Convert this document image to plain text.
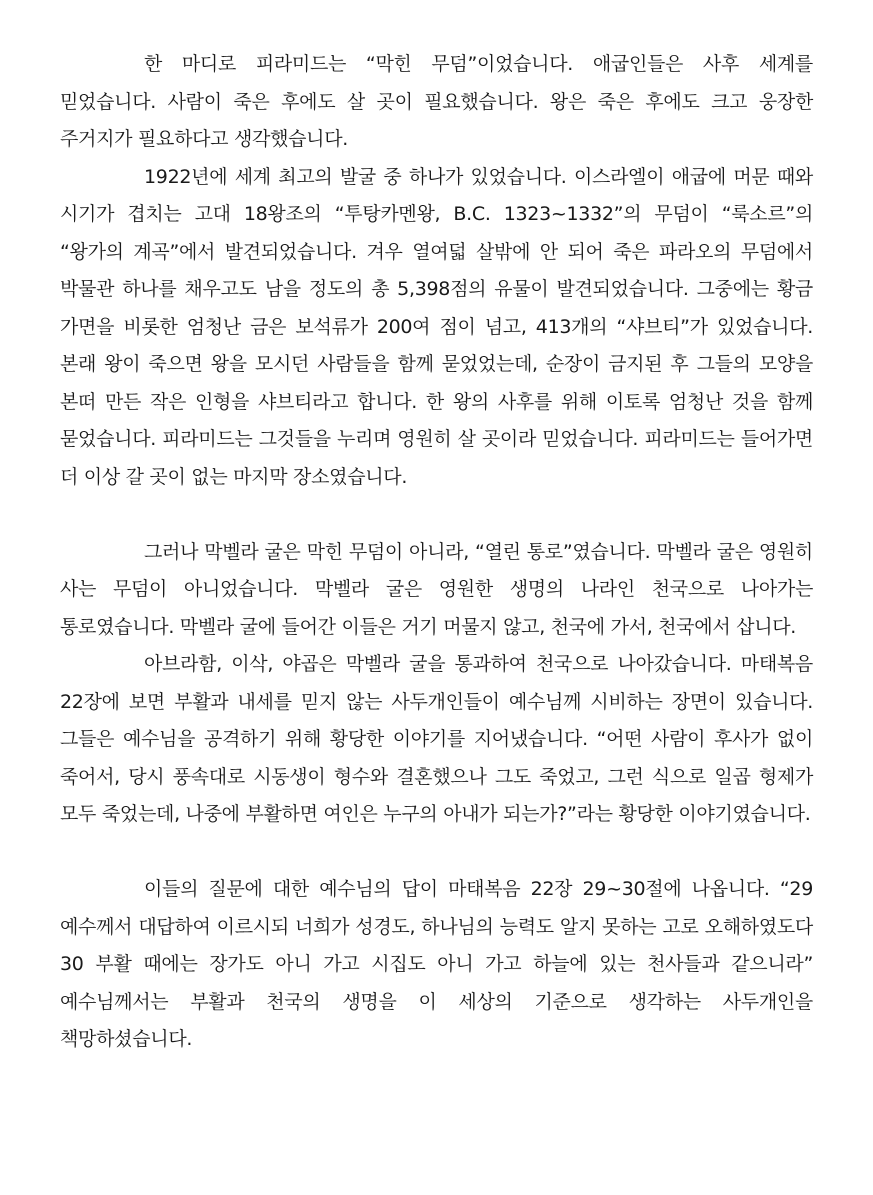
한 마디로 피라미드는 “막힌 무덤”이었습니다. 애굽인들은 사후 세계를 믿었습니다. 사람이 죽은 후에도 살 곳이 필요했습니다. 왕은 죽은 후에도 크고 웅장한 주거지가 필요하다고 생각했습니다.

1922년에 세계 최고의 발굴 중 하나가 있었습니다. 이스라엘이 애굽에 머문 때와 시기가 겹치는 고대 18왕조의 “투탕카멘왕, B.C. 1323~1332”의 무덤이 “룩소르”의 “왕가의 계곡”에서 발견되었습니다. 겨우 열여덟 살밖에 안 되어 죽은 파라오의 무덤에서 박물관 하나를 채우고도 남을 정도의 총 5,398점의 유물이 발견되었습니다. 그중에는 황금 가면을 비롯한 엄청난 금은 보석류가 200여 점이 넘고, 413개의 “샤브티”가 있었습니다. 본래 왕이 죽으면 왕을 모시던 사람들을 함께 묻었었는데, 순장이 금지된 후 그들의 모양을 본떠 만든 작은 인형을 샤브티라고 합니다. 한 왕의 사후를 위해 이토록 엄청난 것을 함께 묻었습니다. 피라미드는 그것들을 누리며 영원히 살 곳이라 믿었습니다. 피라미드는 들어가면 더 이상 갈 곳이 없는 마지막 장소였습니다.

그러나 막벨라 굴은 막힌 무덤이 아니라, “열린 통로”였습니다. 막벨라 굴은 영원히 사는 무덤이 아니었습니다. 막벨라 굴은 영원한 생명의 나라인 천국으로 나아가는 통로였습니다. 막벨라 굴에 들어간 이들은 거기 머물지 않고, 천국에 가서, 천국에서 삽니다.

아브라함, 이삭, 야곱은 막벨라 굴을 통과하여 천국으로 나아갔습니다. 마태복음 22장에 보면 부활과 내세를 믿지 않는 사두개인들이 예수님께 시비하는 장면이 있습니다. 그들은 예수님을 공격하기 위해 황당한 이야기를 지어냈습니다. “어떤 사람이 후사가 없이 죽어서, 당시 풍속대로 시동생이 형수와 결혼했으나 그도 죽었고, 그런 식으로 일곱 형제가 모두 죽었는데, 나중에 부활하면 여인은 누구의 아내가 되는가?”라는 황당한 이야기였습니다.

이들의 질문에 대한 예수님의 답이 마태복음 22장 29~30절에 나옵니다. “29 예수께서 대답하여 이르시되 너희가 성경도, 하나님의 능력도 알지 못하는 고로 오해하였도다 30 부활 때에는 장가도 아니 가고 시집도 아니 가고 하늘에 있는 천사들과 같으니라” 예수님께서는 부활과 천국의 생명을 이 세상의 기준으로 생각하는 사두개인을 책망하셨습니다.
